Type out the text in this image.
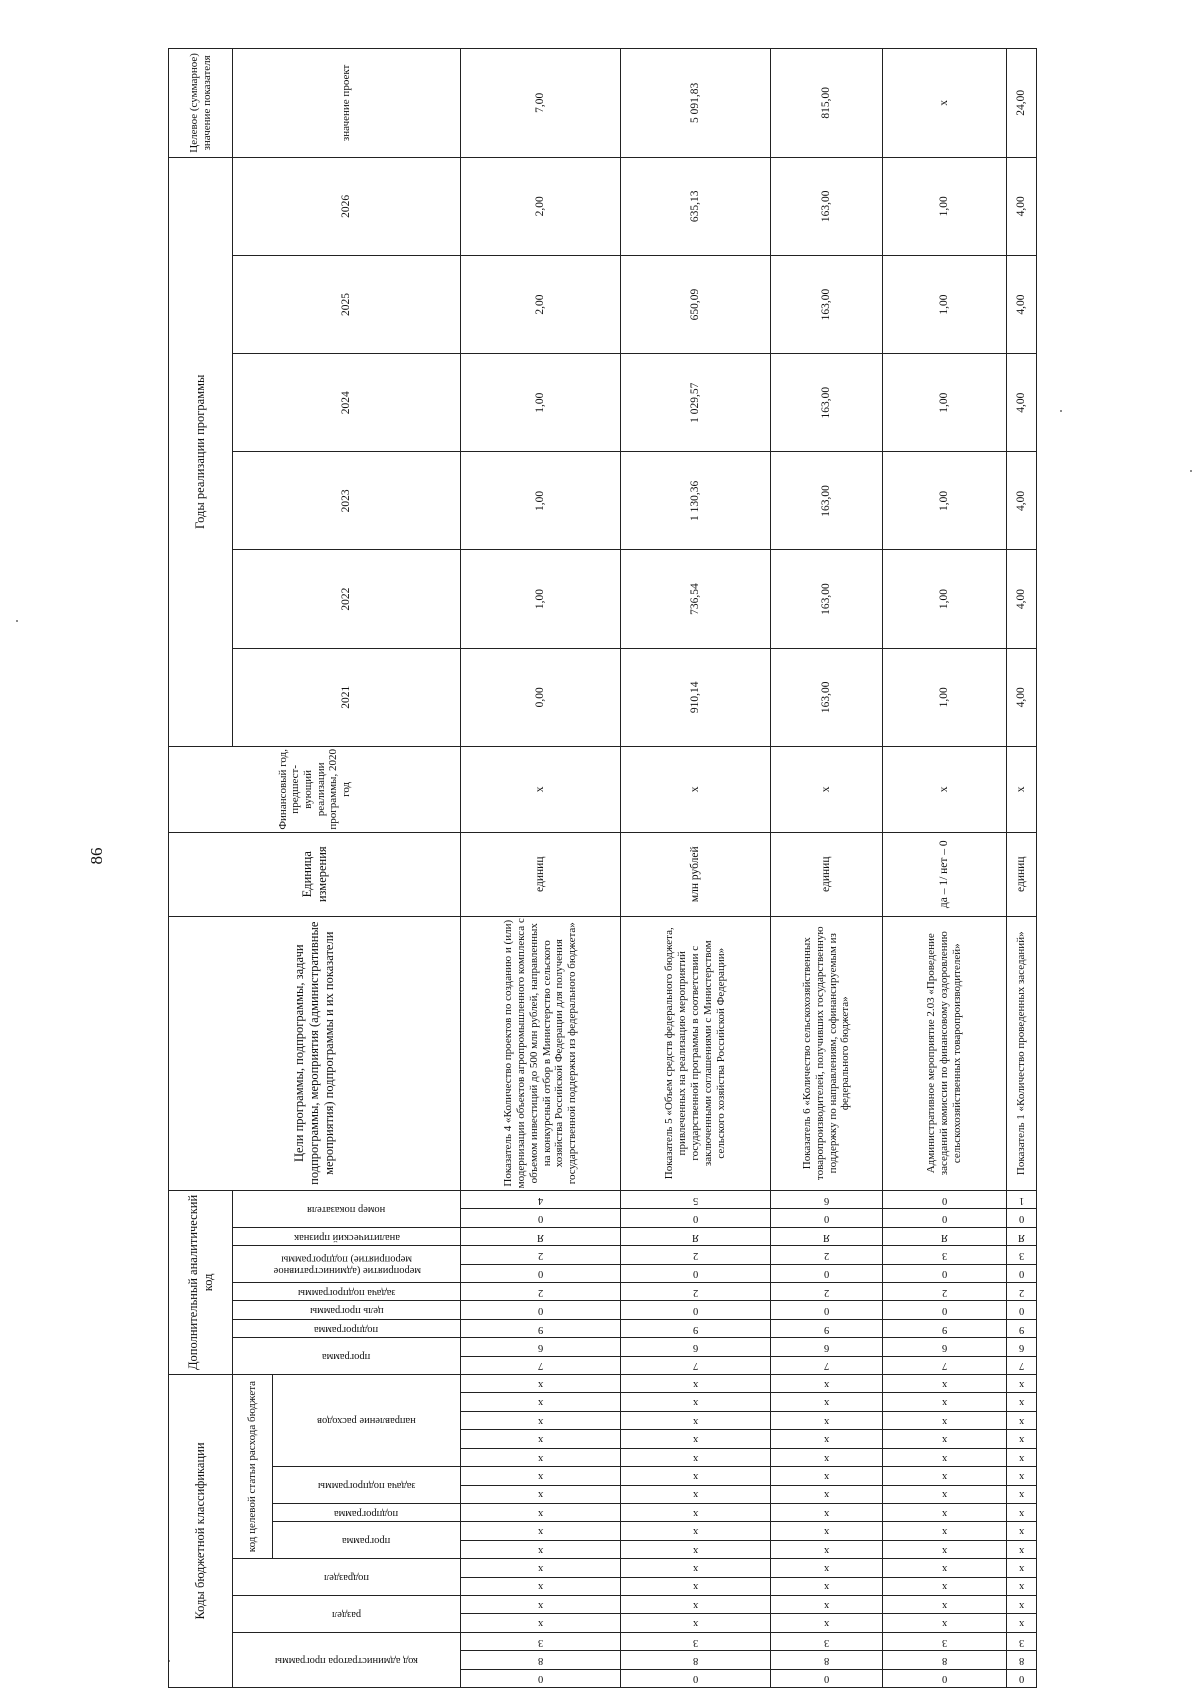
86
Коды бюджетной классификации																	Дополнительный аналитический код										Цели программы, подпрограммы, задачи подпрограммы, мероприятия (административные мероприятия) подпрограммы и их показатели	Единица измерения	Финансовый год, предшест-вующий реализации программы, 2020 год	Годы реализации программы						Целевое (суммарное) значение показателя

код администратора программы			раздел		подраздел		код целевой статьи расхода бюджета										программа		подпрограмма	цель программы	задача подпрограммы	мероприятие (административное мероприятие) подпрограммы		аналитический признак	номер показателя					2021	2022	2023	2024	2025	2026	значение проект

							программа		подпрограмма	задача подпрограммы		направление расходов																								

0	8	3	х	х	х	х	х	х	х	х	х	х	х	х	х	х	7	6	9	0	2	0	2	Я	0	4	Показатель 4 «Количество проектов по созданию и (или) модернизации объектов агропромышленного комплекса с объемом инвестиций до 500 млн рублей, направленных на конкурсный отбор в Министерство сельского хозяйства Российской Федерации для получения государственной поддержки из федерального бюджета»	единиц	х	0,00	1,00	1,00	1,00	2,00	2,00	7,00

0	8	3	х	х	х	х	х	х	х	х	х	х	х	х	х	х	7	6	9	0	2	0	2	Я	0	5	Показатель 5 «Объем средств федерального бюджета, привлеченных на реализацию мероприятий государственной программы в соответствии с заключенными соглашениями с Министерством сельского хозяйства Российской Федерации»	млн рублей	х	910,14	736,54	1 130,36	1 029,57	650,09	635,13	5 091,83

0	8	3	х	х	х	х	х	х	х	х	х	х	х	х	х	х	7	6	9	0	2	0	2	Я	0	6	Показатель 6 «Количество сельскохозяйственных товаропроизводителей, получивших государственную поддержку по направлениям, софинансируемым из федерального бюджета»	единиц	х	163,00	163,00	163,00	163,00	163,00	163,00	815,00

0	8	3	х	х	х	х	х	х	х	х	х	х	х	х	х	х	7	6	9	0	2	0	3	Я	0	0	Административное мероприятие 2.03 «Проведение заседаний комиссии по финансовому оздоровлению сельскохозяйственных товаропроизводителей»	да – 1/ нет – 0	х	1,00	1,00	1,00	1,00	1,00	1,00	х

0	8	3	х	х	х	х	х	х	х	х	х	х	х	х	х	х	7	6	9	0	2	0	3	Я	0	1	Показатель 1 «Количество проведенных заседаний»	единиц	х	4,00	4,00	4,00	4,00	4,00	4,00	24,00
